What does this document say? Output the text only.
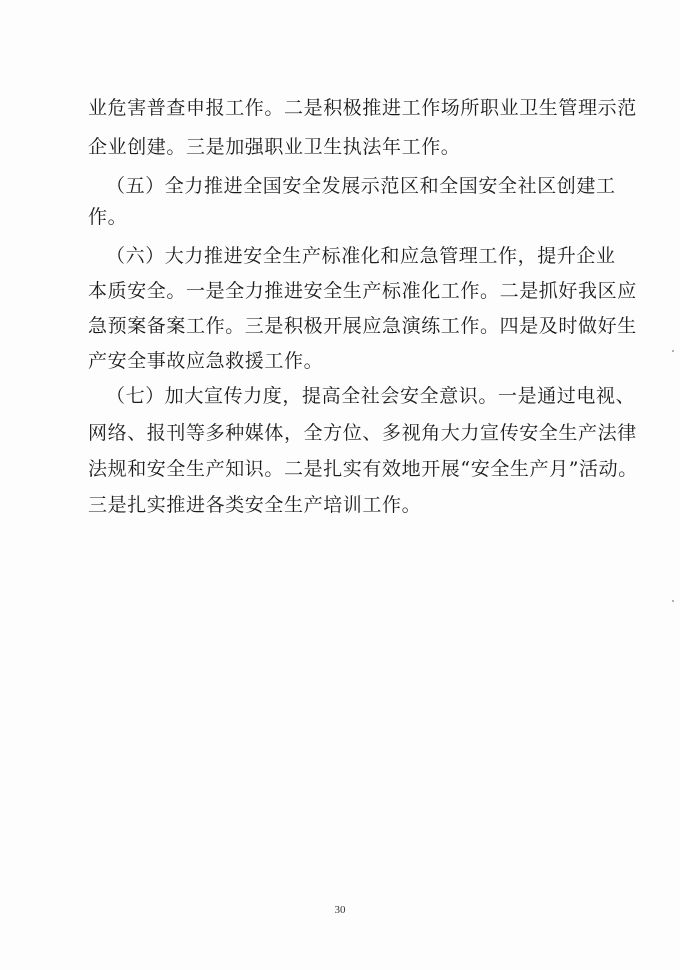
业危害普查申报工作。二是积极推进工作场所职业卫生管理示范
企业创建。三是加强职业卫生执法年工作。
（五）全力推进全国安全发展示范区和全国安全社区创建工
作。
（六）大力推进安全生产标准化和应急管理工作，提升企业
本质安全。一是全力推进安全生产标准化工作。二是抓好我区应
急预案备案工作。三是积极开展应急演练工作。四是及时做好生
产安全事故应急救援工作。
（七）加大宣传力度，提高全社会安全意识。一是通过电视、
网络、报刊等多种媒体，全方位、多视角大力宣传安全生产法律
法规和安全生产知识。二是扎实有效地开展“安全生产月”活动。
三是扎实推进各类安全生产培训工作。
30
